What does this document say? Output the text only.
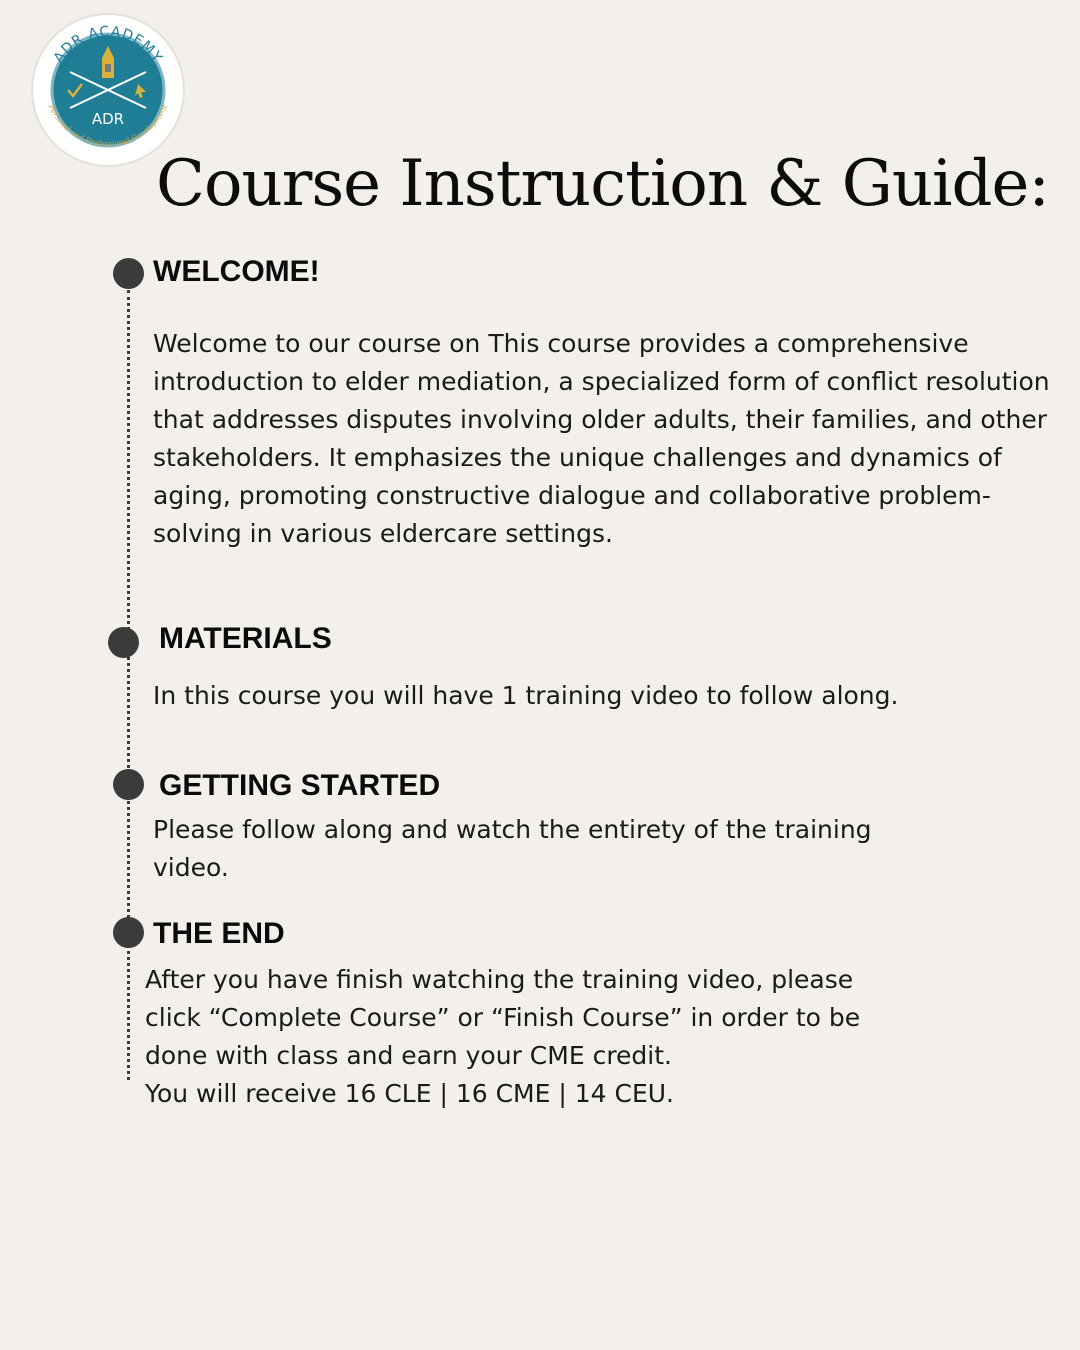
ADR ACADEMY
Personal and Professional Development
ADR
Course Instruction & Guide:
WELCOME!

Welcome to our course on This course provides a comprehensive introduction to elder mediation, a specialized form of conflict resolution that addresses disputes involving older adults, their families, and other stakeholders. It emphasizes the unique challenges and dynamics of aging, promoting constructive dialogue and collaborative problem-solving in various eldercare settings.

MATERIALS

In this course you will have 1 training video to follow along.

GETTING STARTED

Please follow along and watch the entirety of the training video.

THE END

After you have finish watching the training video, please click “Complete Course” or “Finish Course” in order to be done with class and earn your CME credit.
You will receive 16 CLE | 16 CME | 14 CEU.
